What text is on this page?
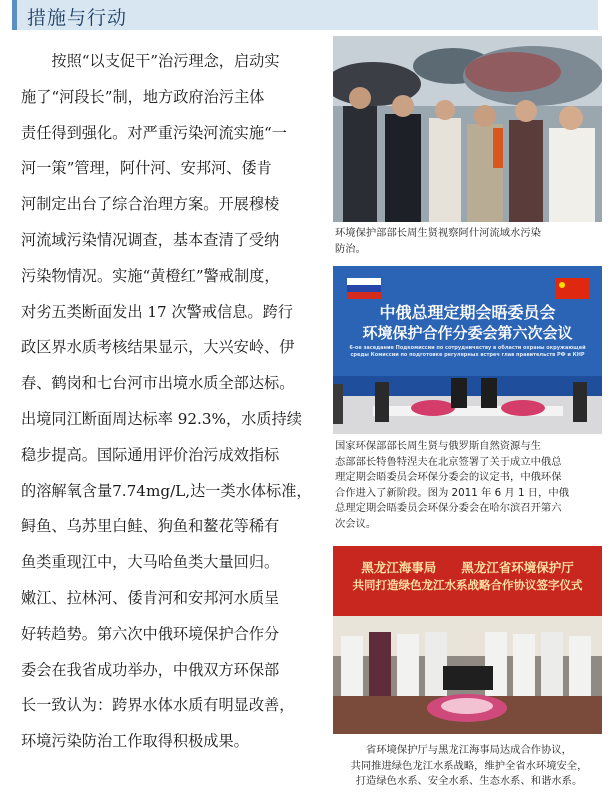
措施与行动
　　按照“以支促干”治污理念，启动实
施了“河段长”制，地方政府治污主体
责任得到强化。对严重污染河流实施“一
河一策”管理，阿什河、安邦河、倭肯
河制定出台了综合治理方案。开展穆棱
河流域污染情况调查，基本查清了受纳
污染物情况。实施“黄橙红”警戒制度，
对劣五类断面发出 17 次警戒信息。跨行
政区界水质考核结果显示，大兴安岭、伊
春、鹤岗和七台河市出境水质全部达标。
出境同江断面周达标率 92.3%，水质持续
稳步提高。国际通用评价治污成效指标
的溶解氧含量7.74mg/L,达一类水体标准，
鲟鱼、乌苏里白鲑、狗鱼和鳌花等稀有
鱼类重现江中，大马哈鱼类大量回归。
嫩江、拉林河、倭肯河和安邦河水质呈
好转趋势。第六次中俄环境保护合作分
委会在我省成功举办，中俄双方环保部
长一致认为：跨界水体水质有明显改善，
环境污染防治工作取得积极成果。
环境保护部部长周生贤视察阿什河流域水污染
防治。
中俄总理定期会晤委员会
环境保护合作分委会第六次会议
6-ое заседание Подкомиссии по сотрудничеству в области охраны окружающей
среды Комиссии по подготовке регулярных встреч глав правительств РФ и КНР
国家环保部部长周生贤与俄罗斯自然资源与生
态部部长特鲁特涅夫在北京签署了关于成立中俄总
理定期会晤委员会环保分委会的议定书，中俄环保
合作进入了新阶段。图为 2011 年 6 月 1 日，中俄
总理定期会晤委员会环保分委会在哈尔滨召开第六
次会议。
黑龙江海事局　　黑龙江省环境保护厅
共同打造绿色龙江水系战略合作协议签字仪式
省环境保护厅与黑龙江海事局达成合作协议，
共同推进绿色龙江水系战略，维护全省水环境安全，
打造绿色水系、安全水系、生态水系、和谐水系。
